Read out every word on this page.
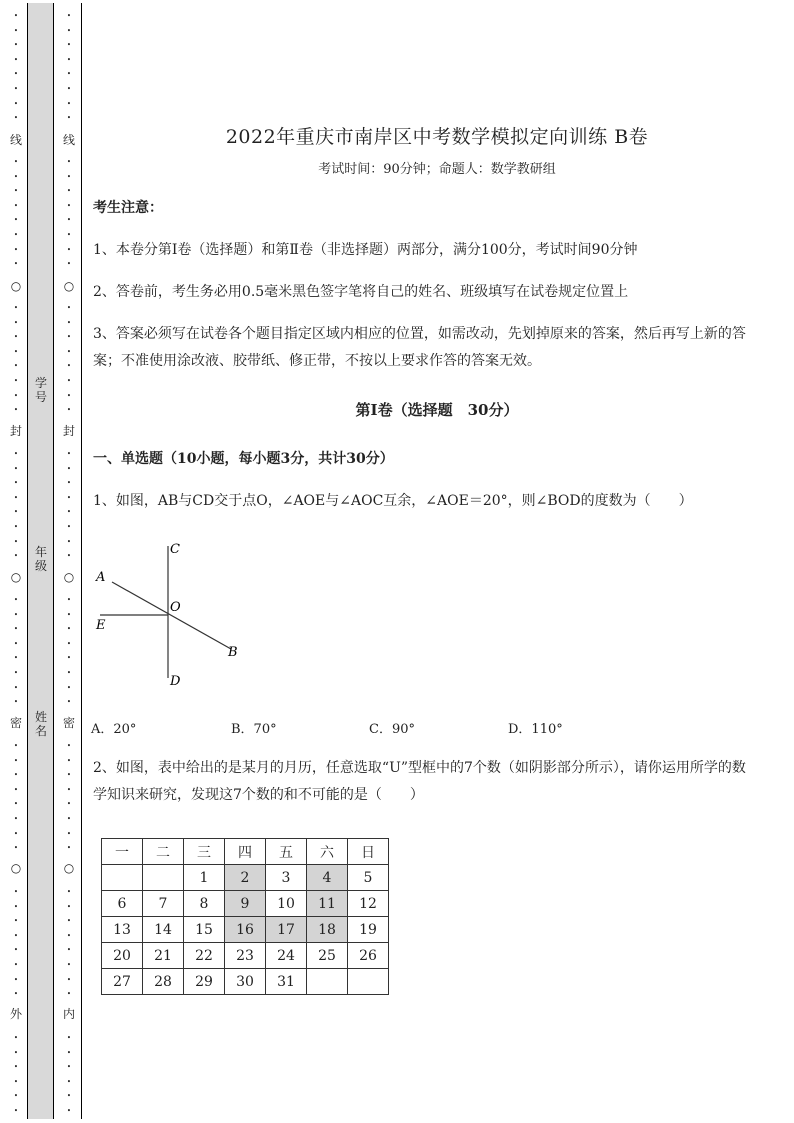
•
•
•
•
•
•
•
•
•
•
•
•
•
•
•
•
•
•
•
•
•
•
•
•
•
•
•
•
•
•
•
•
•
•
•
•
•
•
•
•
•
•
•
•
•
•
•
•
•
•
•
•
•
•
•
•
•
•
•
•
•
•
•
•
•
•
•
•
•
•
•
•
•
•
•
•
•
•
•
•
•
•
•
•
•
•
•
•
•
•
•
•
•
•
•
•
•
•
•
•
•
•
•
•
•
•
•
•
•
•
•
•
•
•
•
•
•
•
•
•
•
•
•
•
线
○
封
○
密
○
外
线
○
封
○
密
○
内
学号
年级
姓名
2022年重庆市南岸区中考数学模拟定向训练 B卷
考试时间：90分钟；命题人：数学教研组
考生注意：
1、本卷分第I卷（选择题）和第Ⅱ卷（非选择题）两部分，满分100分，考试时间90分钟
2、答卷前，考生务必用0.5毫米黑色签字笔将自己的姓名、班级填写在试卷规定位置上
3、答案必须写在试卷各个题目指定区域内相应的位置，如需改动，先划掉原来的答案，然后再写上新的答案；不准使用涂改液、胶带纸、修正带，不按以上要求作答的答案无效。
第I卷（选择题　30分）
一、单选题（10小题，每小题3分，共计30分）
1、如图，AB与CD交于点O，∠AOE与∠AOC互余，∠AOE＝20°，则∠BOD的度数为（　　）
C
A
O
E
B
D
A．20°	B．70°	C．90°	D．110°
2、如图，表中给出的是某月的月历，任意选取“U”型框中的7个数（如阴影部分所示），请你运用所学的数学知识来研究，发现这7个数的和不可能的是（　　）
一	二	三	四	五	六	日
		1	2	3	4	5
6	7	8	9	10	11	12
13	14	15	16	17	18	19
20	21	22	23	24	25	26
27	28	29	30	31		
